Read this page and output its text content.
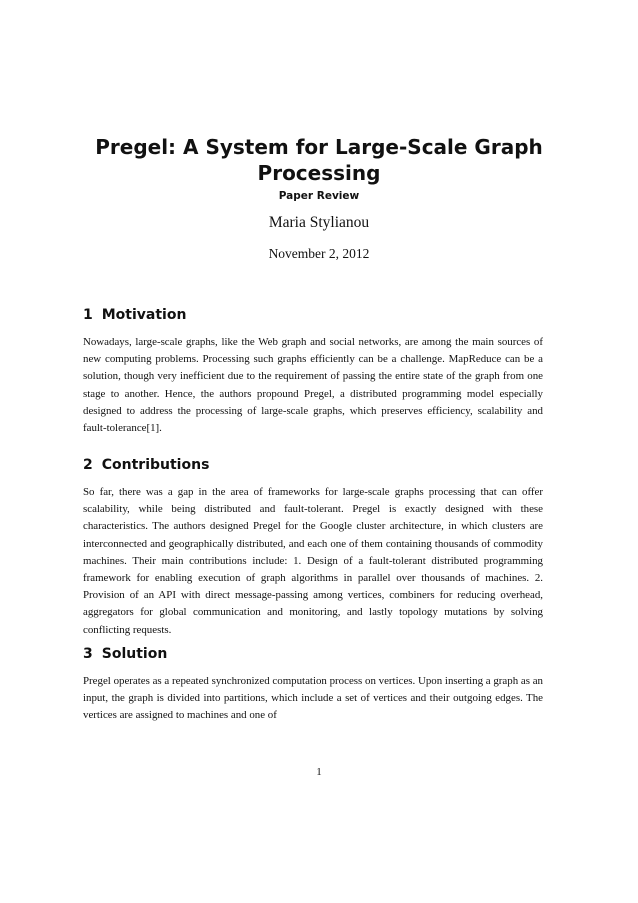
Pregel: A System for Large-Scale Graph Processing
Paper Review
Maria Stylianou
November 2, 2012
1 Motivation

Nowadays, large-scale graphs, like the Web graph and social networks, are among the main sources of new computing problems. Processing such graphs efficiently can be a challenge. MapReduce can be a solution, though very inefficient due to the requirement of passing the entire state of the graph from one stage to another. Hence, the authors propound Pregel, a distributed programming model especially designed to address the processing of large-scale graphs, which preserves efficiency, scalability and fault-tolerance[1].

2 Contributions

So far, there was a gap in the area of frameworks for large-scale graphs processing that can offer scalability, while being distributed and fault-tolerant. Pregel is exactly designed with these characteristics. The authors designed Pregel for the Google cluster architecture, in which clusters are interconnected and geographically distributed, and each one of them containing thousands of commodity machines. Their main contributions include: 1. Design of a fault-tolerant distributed programming framework for enabling execution of graph algorithms in parallel over thousands of machines. 2. Provision of an API with direct message-passing among vertices, combiners for reducing overhead, aggregators for global communication and monitoring, and lastly topology mutations by solving conflicting requests.

3 Solution

Pregel operates as a repeated synchronized computation process on vertices. Upon inserting a graph as an input, the graph is divided into partitions, which include a set of vertices and their outgoing edges. The vertices are assigned to machines and one of

1
